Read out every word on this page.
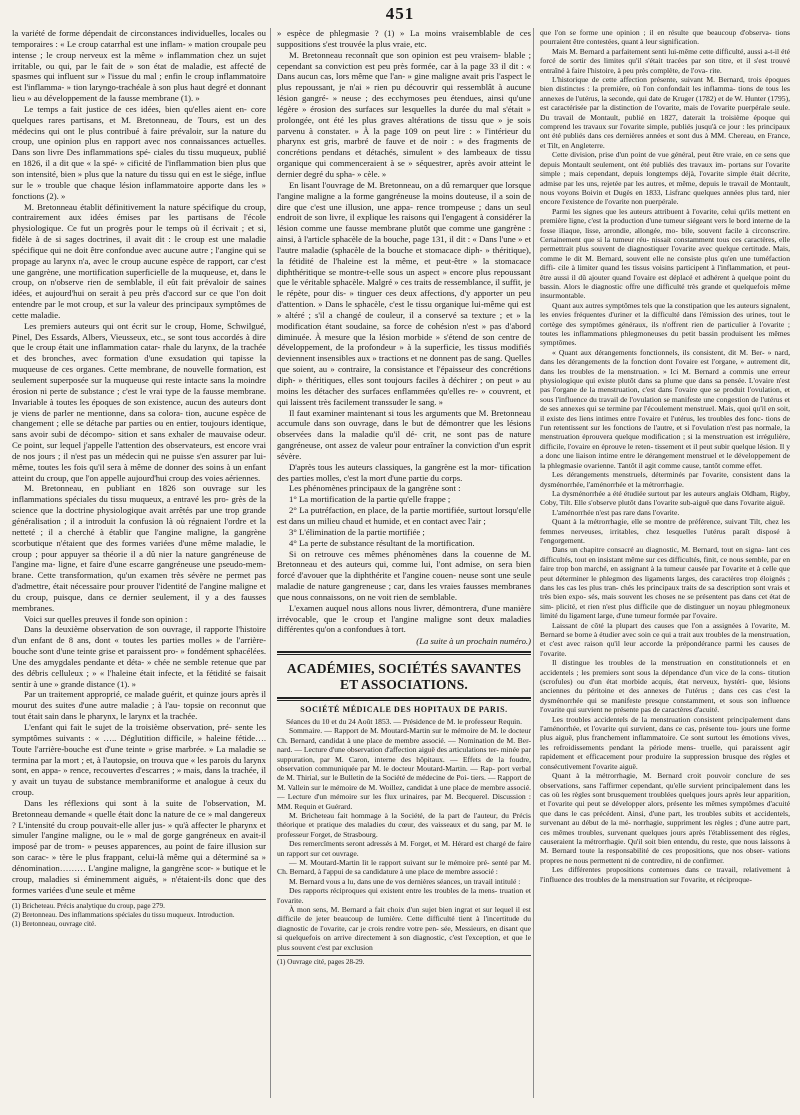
451

la variété de forme dépendait de circonstances individuelles, locales ou temporaires : « Le croup catarrhal est une inflam- » mation croupale peu intense ; le croup nerveux est la même » inflammation chez un sujet irritable, ou qui, par le fait de » son état de maladie, est affecté de spasmes qui influent sur » l'issue du mal ; enfin le croup inflammatoire est l'inflamma- » tion laryngo-trachéale à son plus haut degré et donnant lieu » au développement de la fausse membrane (1). »

Le temps a fait justice de ces idées, bien qu'elles aient en- core quelques rares partisans, et M. Bretonneau, de Tours, est un des médecins qui ont le plus contribué à faire prévaloir, sur la nature du croup, une opinion plus en rapport avec nos connaissances actuelles. Dans son livre Des inflammations spé- ciales du tissu muqueux, publié en 1826, il a dit que « la spé- » cificité de l'inflammation bien plus que son intensité, bien » plus que la nature du tissu qui en est le siége, influe sur le » trouble que chaque lésion inflammatoire apporte dans les » fonctions (2). »

M. Bretonneau établit définitivement la nature spécifique du croup, contrairement aux idées émises par les partisans de l'école physiologique. Ce fut un progrès pour le temps où il écrivait ; et si, fidèle à de si sages doctrines, il avait dit : le croup est une maladie spécifique qui ne doit être confondue avec aucune autre ; l'angine qui se propage au larynx n'a, avec le croup aucune espèce de rapport, car c'est une gangrène, une mortification superficielle de la muqueuse, et, dans le croup, on n'observe rien de semblable, il eût fait prévaloir de saines idées, et aujourd'hui on serait à peu près d'accord sur ce que l'on doit entendre par le mot croup, et sur la valeur des principaux symptômes de cette maladie.

Les premiers auteurs qui ont écrit sur le croup, Home, Schwilgué, Pinel, Des Essards, Albers, Vieusseux, etc., se sont tous accordés à dire que le croup était une inflammation catar- rhale du larynx, de la trachée et des bronches, avec formation d'une exsudation qui tapisse la muqueuse de ces organes. Cette membrane, de nouvelle formation, est seulement superposée sur la muqueuse qui reste intacte sans la moindre érosion ni perte de substance ; c'est le vrai type de la fausse membrane. Invariable à toutes les époques de son existence, aucun des auteurs dont je viens de parler ne mentionne, dans sa colora- tion, aucune espèce de changement ; elle se détache par parties ou en entier, toujours identique, sans avoir subi de décompo- sition et sans exhaler de mauvaise odeur. Ce point, sur lequel j'appelle l'attention des observateurs, est encore vrai de nos jours ; il n'est pas un médecin qui ne puisse s'en assurer par lui-même, toutes les fois qu'il sera à même de donner des soins à un enfant atteint du croup, que l'on appelle aujourd'hui croup des voies aériennes.

M. Bretonneau, en publiant en 1826 son ouvrage sur les inflammations spéciales du tissu muqueux, a entravé les pro- grès de la science que la doctrine physiologique avait arrêtés par une trop grande généralisation ; il a introduit la confusion là où régnaient l'ordre et la netteté ; il a cherché à établir que l'angine maligne, la gangrène scorbutique n'étaient que des formes variées d'une même maladie, le croup ; pour appuyer sa théorie il a dû nier la nature gangréneuse de l'angine ma- ligne, et faire d'une escarre gangréneuse une pseudo-mem- brane. Cette transformation, qu'un examen très sévère ne permet pas d'admettre, était nécessaire pour prouver l'identité de l'angine maligne et du croup, puisque, dans ce dernier seulement, il y a des fausses membranes.

Voici sur quelles preuves il fonde son opinion :

Dans la deuxième observation de son ouvrage, il rapporte l'histoire d'un enfant de 8 ans, dont « toutes les parties molles » de l'arrière-bouche sont d'une teinte grise et paraissent pro- » fondément sphacélées. Une des amygdales pendante et déta- » chée ne semble retenue que par des débris celluleux ; » « l'haleine était infecte, et la fétidité se faisait sentir à une » grande distance (1). »

Par un traitement approprié, ce malade guérit, et quinze jours après il mourut des suites d'une autre maladie ; à l'au- topsie on reconnut que tout était sain dans le pharynx, le larynx et la trachée.

L'enfant qui fait le sujet de la troisième observation, pré- sente les symptômes suivants : « ….. Déglutition difficile, » haleine fétide…. Toute l'arrière-bouche est d'une teinte » grise marbrée. » La maladie se termina par la mort ; et, à l'autopsie, on trouva que « les parois du larynx sont, en appa- » rence, recouvertes d'escarres ; » mais, dans la trachée, il y avait un tuyau de substance membraniforme et analogue à ceux du croup.

Dans les réflexions qui sont à la suite de l'observation, M. Bretonneau demande « quelle était donc la nature de ce » mal dangereux ? L'intensité du croup pouvait-elle aller jus- » qu'à affecter le pharynx et simuler l'angine maligne, ou le » mal de gorge gangréneux en avait-il imposé par de trom- » peuses apparences, au point de faire illusion sur son carac- » tère le plus frappant, celui-là même qui a déterminé sa » dénomination……… L'angine maligne, la gangrène scor- » butique et le croup, maladies si éminemment aiguës, » n'étaient-ils donc que des formes variées d'une seule et même

(1) Bricheteau. Précis analytique du croup, page 279.
(2) Bretonneau. Des inflammations spéciales du tissu muqueux. Introduction.
(1) Bretonneau, ouvrage cité.

» espèce de phlegmasie ? (1) » La moins vraisemblable de ces suppositions s'est trouvée la plus vraie, etc.

M. Bretonneau reconnaît que son opinion est peu vraisem- blable ; cependant sa conviction est peu près formée, car à la page 33 il dit : « Dans aucun cas, lors même que l'an- » gine maligne avait pris l'aspect le plus repoussant, je n'ai » rien pu découvrir qui ressemblât à aucune lésion gangré- » neuse ; des ecchymoses peu étendues, ainsi qu'une légère » érosion des surfaces sur lesquelles la durée du mal s'était » prolongée, ont été les plus graves altérations de tissu que » je sois parvenu à constater. » À la page 109 on peut lire : » l'intérieur du pharynx est gris, marbré de fauve et de noir : » des fragments de concrétions pendans et détachés, simulent » des lambeaux de tissu organique qui commenceraient à se » séquestrer, après avoir atteint le dernier degré du spha- » cèle. »

En lisant l'ouvrage de M. Bretonneau, on a dû remarquer que lorsque l'angine maligne a la forme gangréneuse la moins douteuse, il a soin de dire que c'est une illusion, une appa- rence trompeuse ; dans un seul endroit de son livre, il explique les raisons qui l'engagent à considérer la lésion comme une fausse membrane plutôt que comme une gangrène : ainsi, à l'article sphacèle de la bouche, page 131, il dit : « Dans l'une » et l'autre maladie (sphacèle de la bouche et stomacace diph- » théritique), la fétidité de l'haleine est la même, et peut-être » la stomacace diphthéritique se montre-t-elle sous un aspect » encore plus repoussant que le véritable sphacèle. Malgré » ces traits de ressemblance, il suffit, je le répète, pour dis- » tinguer ces deux affections, d'y apporter un peu d'attention. » Dans le sphacèle, c'est le tissu organique lui-même qui est » altéré ; s'il a changé de couleur, il a conservé sa texture ; et » la modification étant soudaine, sa force de cohésion n'est » pas d'abord diminuée. À mesure que la lésion morbide » s'étend de son centre de développement, de la profondeur » à la superficie, les tissus modifiés deviennent insensibles aux » tractions et ne donnent pas de sang. Quelles que soient, au » contraire, la consistance et l'épaisseur des concrétions diph- » théritiques, elles sont toujours faciles à déchirer ; on peut » au moins les détacher des surfaces enflammées qu'elles re- » couvrent, et qui laissent très facilement transsuder le sang. »

Il faut examiner maintenant si tous les arguments que M. Bretonneau accumule dans son ouvrage, dans le but de démontrer que les lésions observées dans la maladie qu'il dé- crit, ne sont pas de nature gangréneuse, ont assez de valeur pour entraîner la conviction d'un esprit sévère.

D'après tous les auteurs classiques, la gangrène est la mor- tification des parties molles, c'est la mort d'une partie du corps.

Les phénomènes principaux de la gangrène sont :

1° La mortification de la partie qu'elle frappe ;

2° La putréfaction, en place, de la partie mortifiée, surtout lorsqu'elle est dans un milieu chaud et humide, et en contact avec l'air ;

3° L'élimination de la partie mortifiée ;

4° La perte de substance résultant de la mortification.

Si on retrouve ces mêmes phénomènes dans la couenne de M. Bretonneau et des auteurs qui, comme lui, l'ont admise, on sera bien forcé d'avouer que la diphthérite et l'angine couen- neuse sont une seule maladie de nature gangreneuse ; car, dans les vraies fausses membranes que nous connaissons, on ne voit rien de semblable.

L'examen auquel nous allons nous livrer, démontrera, d'une manière irrévocable, que le croup et l'angine maligne sont deux maladies différentes qu'on a confondues à tort.

(La suite à un prochain numéro.)
ACADÉMIES, SOCIÉTÉS SAVANTES ET ASSOCIATIONS.
SOCIÉTÉ MÉDICALE DES HOPITAUX DE PARIS.
Séances du 10 et du 24 Août 1853. — Présidence de M. le professeur Requin.

Sommaire. — Rapport de M. Moutard-Martin sur le mémoire de M. le docteur Ch. Bernard, candidat à une place de membre associé. — Nomination de M. Ber- nard. — Lecture d'une observation d'affection aiguë des articulations ter- minée par suppuration, par M. Caron, interne des hôpitaux. — Effets de la foudre, observation communiquée par M. le docteur Moutard-Martin. — Rap- port verbal de M. Thirial, sur le Bulletin de la Société de médecine de Poi- tiers. — Rapport de M. Vallein sur le mémoire de M. Woillez, candidat à une place de membre associé. — Lecture d'un mémoire sur les flux urinaires, par M. Becquerel. Discussion : MM. Requin et Guérard.

M. Bricheteau fait hommage à la Société, de la part de l'auteur, du Précis théorique et pratique des maladies du cœur, des vaisseaux et du sang, par M. le professeur Forget, de Strasbourg.

Des remercîments seront adressés à M. Forget, et M. Hérard est chargé de faire un rapport sur cet ouvrage.

— M. Moutard-Martin lit le rapport suivant sur le mémoire pré- senté par M. Ch. Bernard, à l'appui de sa candidature à une place de membre associé :

M. Bernard vous a lu, dans une de vos dernières séances, un travail intitulé :

Des rapports réciproques qui existent entre les troubles de la mens- truation et l'ovarite.

À mon sens, M. Bernard a fait choix d'un sujet bien ingrat et sur lequel il est difficile de jeter beaucoup de lumière. Cette difficulté tient à l'incertitude du diagnostic de l'ovarite, car je crois rendre votre pen- sée, Messieurs, en disant que si quelquefois on arrive directement à son diagnostic, c'est l'exception, et que le plus souvent c'est par exclusion

(1) Ouvrage cité, pages 28-29.

que l'on se forme une opinion ; il en résulte que beaucoup d'observa- tions pourraient être contestées, quant à leur signification.

Mais M. Bernard a parfaitement senti lui-même cette difficulté, aussi a-t-il été forcé de sortir des limites qu'il s'était tracées par son titre, et il s'est trouvé entraîné à faire l'histoire, à peu près complète, de l'ova- rite.

L'historique de cette affection présente, suivant M. Bernard, trois époques bien distinctes : la première, où l'on confondait les inflamma- tions de tous les annexes de l'utérus, la seconde, qui date de Kruger (1782) et de W. Hunter (1795), est caractérisée par la distinction de l'ovarite, mais de l'ovarite puerpérale seule. Du travail de Montault, publié en 1827, daterait la troisième époque qui comprend les travaux sur l'ovarite simple, publiés jusqu'à ce jour : les principaux ont été publiés dans ces dernières années et sont dus à MM. Chereau, en France, et Tilt, en Angleterre.

Cette division, prise d'un point de vue général, peut être vraie, en ce sens que depuis Montault seulement, ont été publiés des travaux im- portans sur l'ovarite simple ; mais cependant, depuis longtemps déjà, l'ovarite simple était décrite, admise par les uns, rejetée par les autres, et même, depuis le travail de Montault, nous voyons Boivin et Dugès en 1833, Lisfranc quelques années plus tard, nier encore l'existence de l'ovarite non puerpérale.

Parmi les signes que les auteurs attribuent à l'ovarite, celui qu'ils mettent en première ligne, c'est la production d'une tumeur siégeant vers le bord interne de la fosse iliaque, lisse, arrondie, allongée, mo- bile, souvent facile à circonscrire. Certainement que si la tumeur réu- nissait constamment tous ces caractères, elle permettrait plus souvent de diagnostiquer l'ovarite avec quelque certitude. Mais, comme le dit M. Bernard, souvent elle ne consiste plus qu'en une tuméfaction diffi- cile à limiter quand les tissus voisins participent à l'inflammation, et peut-être aussi il dû ajouter quand l'ovaire est déplacé et adhérent à quelque point du bassin. Alors le diagnostic offre une difficulté très grande et quelquefois même insurmontable.

Quant aux autres symptômes tels que la constipation que les auteurs signalent, les envies fréquentes d'uriner et la difficulté dans l'émission des urines, tout le cortège des symptômes généraux, ils n'offrent rien de particulier à l'ovarite ; toutes les inflammations phlegmoneuses du petit bassin produisent les mêmes symptômes.

« Quant aux dérangements fonctionnels, ils consistent, dit M. Ber- » nard, dans les dérangements de la fonction dont l'ovaire est l'organe, » autrement dit, dans les troubles de la menstruation. » Ici M. Bernard a commis une erreur physiologique qui existe plutôt dans sa plume que dans sa pensée. L'ovaire n'est pas l'organe de la menstruation, c'est dans l'ovaire que se produit l'ovulation, et sous l'influence du travail de l'ovulation se manifeste une congestion de l'utérus et de ses annexes qui se termine par l'écoulement menstruel. Mais, quoi qu'il en soit, il existe des liens intimes entre l'ovaire et l'utérus, les troubles des fonc- tions de l'un retentissent sur les fonctions de l'autre, et si l'ovulation n'est pas normale, la menstruation éprouvera quelque modification ; si la menstruation est irrégulière, difficile, l'ovaire en éprouve le reten- tissement et il peut subir quelque lésion. Il y a donc une liaison intime entre le dérangement menstruel et le développement de la phlegmasie ovarienne. Tantôt il agit comme cause, tantôt comme effet.

Les dérangements menstruels, déterminés par l'ovarite, consistent dans la dysménorrhée, l'aménorrhée et la métrorrhagie.

La dysménorrhée a été étudiée surtout par les auteurs anglais Oldham, Rigby, Coby, Tilt. Elle s'observe plutôt dans l'ovarite sub-aiguë que dans l'ovarite aiguë.

L'aménorrhée n'est pas rare dans l'ovarite.

Quant à la métrorrhagie, elle se montre de préférence, suivant Tilt, chez les femmes nerveuses, irritables, chez lesquelles l'utérus paraît disposé à l'engorgement.

Dans un chapitre consacré au diagnostic, M. Bernard, tout en signa- lant ces difficultés, tout en insistant même sur ces difficultés, finit, ce nous semble, par en faire trop bon marché, en assignant à la tumeur causée par l'ovarite et à celle que peut déterminer le phlegmon des ligaments larges, des caractères trop éloignés ; dans les cas les plus tran- chés les principaux traits de sa description sont vrais et très bien expo- sés, mais souvent les choses ne se présentent pas dans cet état de sim- plicité, et rien n'est plus difficile que de distinguer un noyau phlegmoneux limité du ligament large, d'une tumeur formée par l'ovaire.

Laissant de côté la plupart des causes que l'on a assignées à l'ovarite, M. Bernard se borne à étudier avec soin ce qui a trait aux troubles de la menstruation, et c'est avec raison qu'il leur accorde la prépondérance parmi les causes de l'ovarite.

Il distingue les troubles de la menstruation en constitutionnels et en accidentels ; les premiers sont sous la dépendance d'un vice de la cons- titution (scrofules) ou d'un état morbide acquis, état nerveux, hystéri- que, lésions anciennes du péritoine et des annexes de l'utérus ; dans ces cas c'est la dysménorrhée qui se manifeste presque constamment, et sous son influence l'ovarite qui survient ne présente pas de caractères d'acuité.

Les troubles accidentels de la menstruation consistent principalement dans l'aménorrhée, et l'ovarite qui survient, dans ce cas, présente tou- jours une forme plus aiguë, plus franchement inflammatoire. Ce sont surtout les émotions vives, les refroidissements pendant la période mens- truelle, qui paraissent agir rapidement et efficacement pour produire la suppression brusque des règles et consécutivement l'ovarite aiguë.

Quant à la métrorrhagie, M. Bernard croit pouvoir conclure de ses observations, sans l'affirmer cependant, qu'elle survient principalement dans les cas où les règles sont brusquement troublées quelques jours après leur apparition, et l'ovarite qui peut se développer alors, présente les mêmes symptômes d'acuité que dans le cas précédent. Ainsi, d'une part, les troubles subits et accidentels, survenant au début de la mé- norrhagie, suppriment les règles ; d'une autre part, ces mêmes troubles, survenant quelques jours après l'établissement des règles, causeraient la métrorrhagie. Qu'il soit bien entendu, du reste, que nous laissons à M. Bernard toute la responsabilité de ces propositions, que nos obser- vations propres ne nous permettent ni de contredire, ni de confirmer.

Les différentes propositions contenues dans ce travail, relativement à l'influence des troubles de la menstruation sur l'ovarite, et réciproque-
